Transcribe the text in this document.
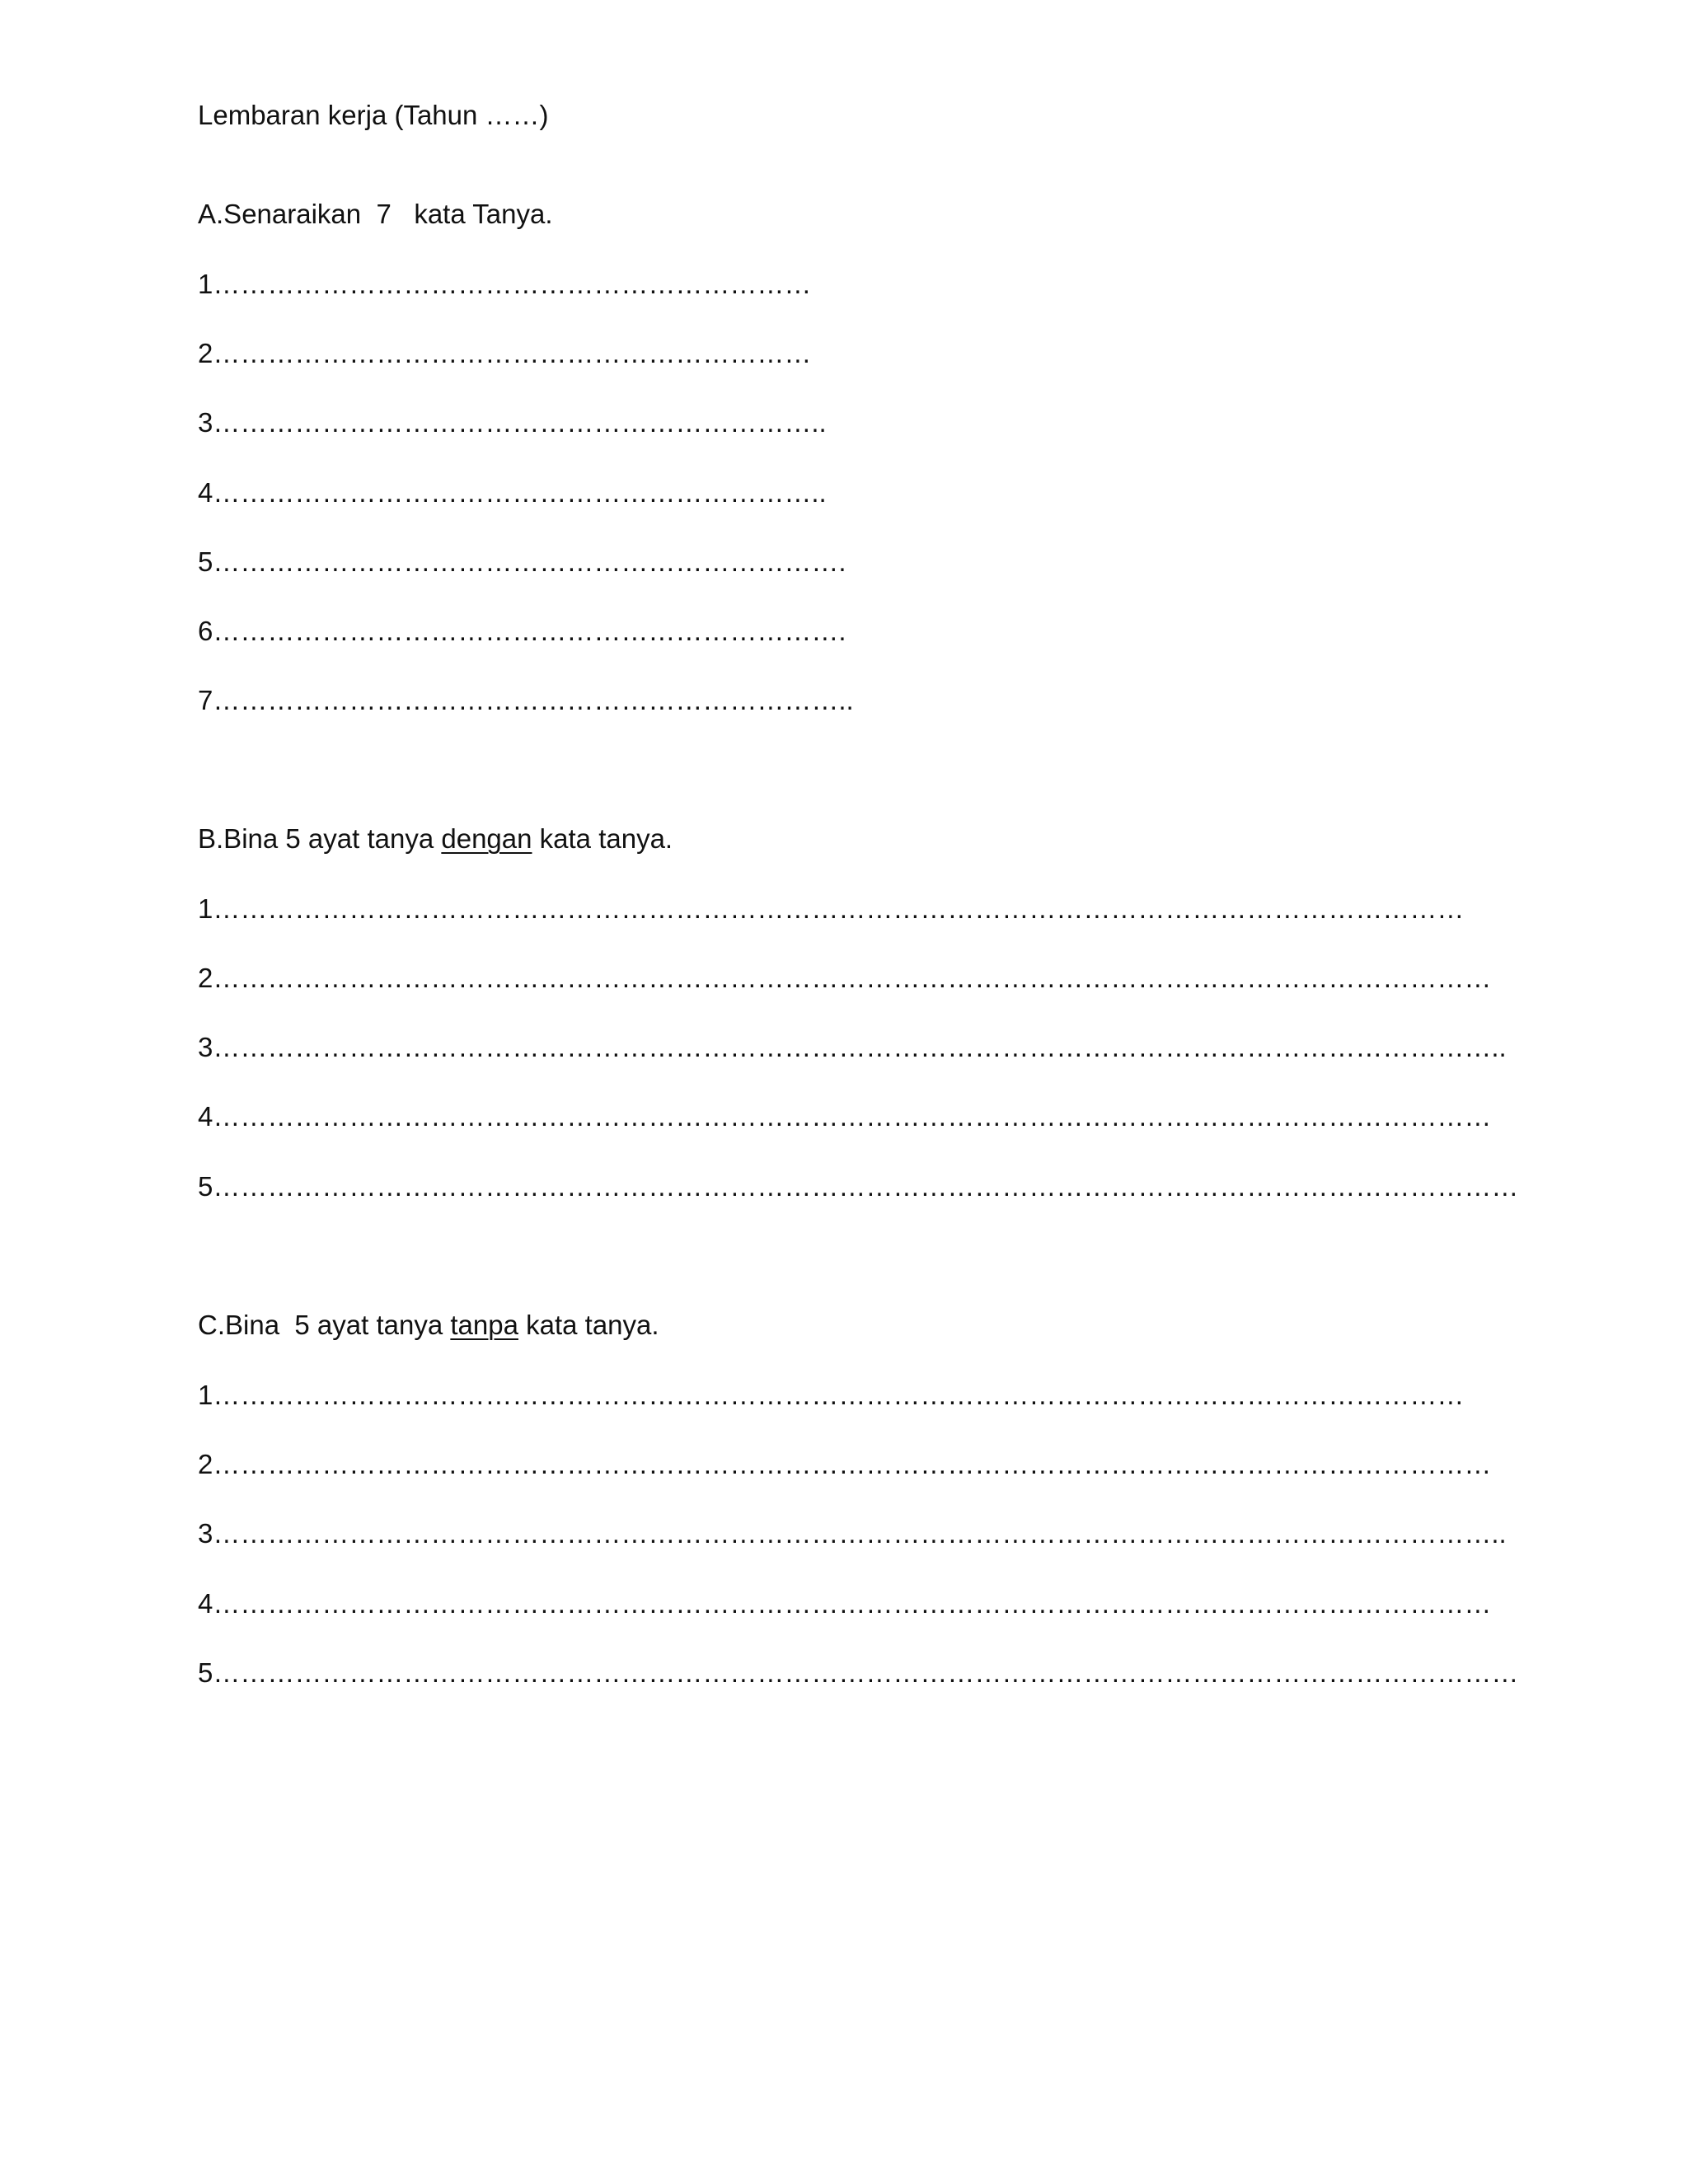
Lembaran kerja (Tahun ……)
A.Senaraikan  7   kata Tanya.
1…………………………………………………………
2…………………………………………………………
3…………………………………………………………..
4…………………………………………………………..
5…………………………………………………………….
6…………………………………………………………….
7……………………………………………………………..
B.Bina 5 ayat tanya dengan kata tanya.
1…………………………………………………………………………………………………………………………
2……………………………………………………………………………………………………………………………
3……………………………………………………………………………………………………………………………..
4……………………………………………………………………………………………………………………………
5………………………………………………………………………………………………………………………………
C.Bina  5 ayat tanya tanpa kata tanya.
1…………………………………………………………………………………………………………………………
2……………………………………………………………………………………………………………………………
3……………………………………………………………………………………………………………………………..
4……………………………………………………………………………………………………………………………
5………………………………………………………………………………………………………………………………
